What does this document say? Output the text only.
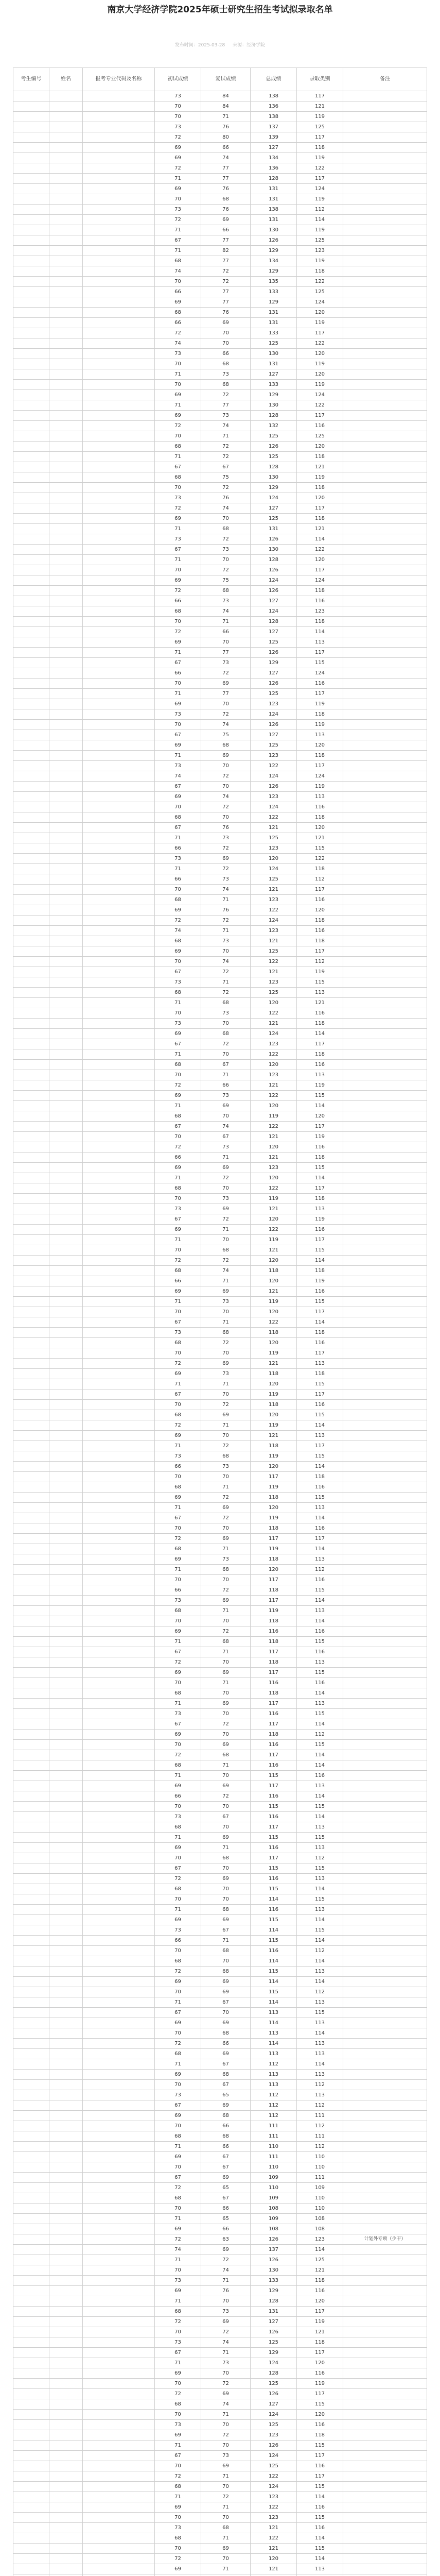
南京大学经济学院2025年硕士研究生招生考试拟录取名单
发布时间：2025-03-28 来源：经济学院
考生编号	姓名	报考专业代码及名称	初试成绩	复试成绩	总成绩	录取类别	备注
			73	84	138	117	
			70	84	136	121	
			70	71	138	119	
			73	76	137	125	
			72	80	139	117	
			69	66	127	118	
			69	74	134	119	
			72	77	136	122	
			71	77	128	117	
			69	76	131	124	
			70	68	131	119	
			73	76	138	112	
			72	69	131	114	
			71	66	130	119	
			67	77	126	125	
			71	82	129	123	
			68	77	134	119	
			74	72	129	118	
			70	72	135	122	
			66	77	133	125	
			69	77	129	124	
			68	76	131	120	
			66	69	131	119	
			72	70	133	117	
			74	70	125	122	
			73	66	130	120	
			70	68	131	119	
			71	73	127	120	
			70	68	133	119	
			69	72	129	124	
			71	77	130	122	
			69	73	128	117	
			72	74	132	116	
			70	71	125	125	
			68	72	126	120	
			71	72	125	118	
			67	67	128	121	
			68	75	130	119	
			70	72	129	118	
			73	76	124	120	
			72	74	127	117	
			69	70	125	118	
			71	68	131	121	
			73	72	126	114	
			67	73	130	122	
			71	70	128	120	
			70	72	126	117	
			69	75	124	124	
			72	68	126	118	
			66	73	127	116	
			68	74	124	123	
			70	71	128	118	
			72	66	127	114	
			69	70	125	113	
			71	77	126	117	
			67	73	129	115	
			66	72	127	124	
			70	69	126	116	
			71	77	125	117	
			69	70	123	119	
			73	72	124	118	
			70	74	126	119	
			67	75	127	113	
			69	68	125	120	
			71	69	123	118	
			73	70	122	117	
			74	72	124	124	
			67	70	126	119	
			69	74	123	113	
			70	72	124	116	
			68	70	122	118	
			67	76	121	120	
			71	73	125	121	
			66	72	123	115	
			73	69	120	122	
			71	72	124	118	
			66	73	125	112	
			70	74	121	117	
			68	71	123	116	
			69	76	122	120	
			72	72	124	118	
			74	71	123	116	
			68	73	121	118	
			69	70	125	117	
			70	74	122	112	
			67	72	121	119	
			73	71	123	115	
			68	72	125	113	
			71	68	120	121	
			70	73	122	116	
			73	70	121	118	
			69	68	124	114	
			67	72	123	117	
			71	70	122	118	
			68	67	120	116	
			70	71	123	113	
			72	66	121	119	
			69	73	122	115	
			71	69	120	114	
			68	70	119	120	
			67	74	122	117	
			70	67	121	119	
			72	73	120	116	
			66	71	121	118	
			69	69	123	115	
			71	72	120	114	
			68	70	122	117	
			70	73	119	118	
			73	69	121	113	
			67	72	120	119	
			69	71	122	116	
			71	70	119	117	
			70	68	121	115	
			72	72	120	114	
			68	74	118	118	
			66	71	120	119	
			69	69	121	116	
			71	73	119	115	
			70	70	120	117	
			67	71	122	114	
			73	68	118	118	
			68	72	120	116	
			70	70	119	117	
			72	69	121	113	
			69	73	118	118	
			71	71	120	115	
			67	70	119	117	
			70	72	118	116	
			68	69	120	115	
			72	71	119	114	
			69	70	121	113	
			71	72	118	117	
			73	68	119	115	
			66	73	120	114	
			70	70	117	118	
			68	71	119	116	
			69	72	118	115	
			71	69	120	113	
			67	72	119	114	
			70	70	118	116	
			72	69	117	117	
			68	71	119	114	
			69	73	118	113	
			71	68	120	112	
			70	70	117	116	
			66	72	118	115	
			73	69	117	114	
			68	71	119	113	
			70	70	118	114	
			69	72	116	116	
			71	68	118	115	
			67	71	117	116	
			72	70	118	113	
			69	69	117	115	
			70	71	116	116	
			68	70	118	114	
			71	69	117	113	
			73	70	116	115	
			67	72	117	114	
			69	70	118	112	
			70	69	116	115	
			72	68	117	114	
			68	71	116	114	
			71	70	115	116	
			69	69	117	113	
			66	72	116	114	
			70	70	115	115	
			73	67	116	114	
			68	70	117	113	
			71	69	115	115	
			69	71	116	113	
			70	68	117	112	
			67	70	115	115	
			72	69	116	113	
			68	70	115	114	
			70	70	114	115	
			71	68	116	113	
			69	69	115	114	
			73	67	114	115	
			66	71	115	114	
			70	68	116	112	
			68	70	114	114	
			72	68	115	113	
			69	69	114	114	
			70	69	115	112	
			71	67	114	113	
			67	70	113	115	
			69	69	114	113	
			70	68	113	114	
			72	66	114	113	
			68	69	113	113	
			71	67	112	114	
			69	68	113	113	
			70	67	113	112	
			73	65	112	113	
			67	69	112	112	
			69	68	112	111	
			70	66	111	112	
			68	68	111	111	
			71	66	110	112	
			69	67	111	110	
			70	67	110	110	
			67	69	109	111	
			72	65	110	109	
			68	67	109	110	
			70	66	108	110	
			71	65	109	108	
			69	66	108	108	
			72	63	126	123	计划外专项（少干）
			74	69	137	114	
			71	72	126	125	
			70	74	130	121	
			73	71	133	118	
			69	76	129	116	
			71	70	128	120	
			68	73	131	117	
			72	69	127	119	
			70	72	126	121	
			73	74	125	118	
			67	71	129	117	
			71	73	124	120	
			69	70	128	116	
			70	72	125	119	
			72	69	126	117	
			68	74	127	115	
			70	71	124	120	
			73	70	125	116	
			69	72	123	118	
			71	70	126	115	
			67	73	124	117	
			70	69	125	116	
			72	71	122	117	
			68	70	124	115	
			71	72	123	114	
			69	71	122	116	
			70	70	123	115	
			73	68	121	116	
			68	71	122	114	
			70	69	121	115	
			72	70	120	114	
			69	71	121	113	
